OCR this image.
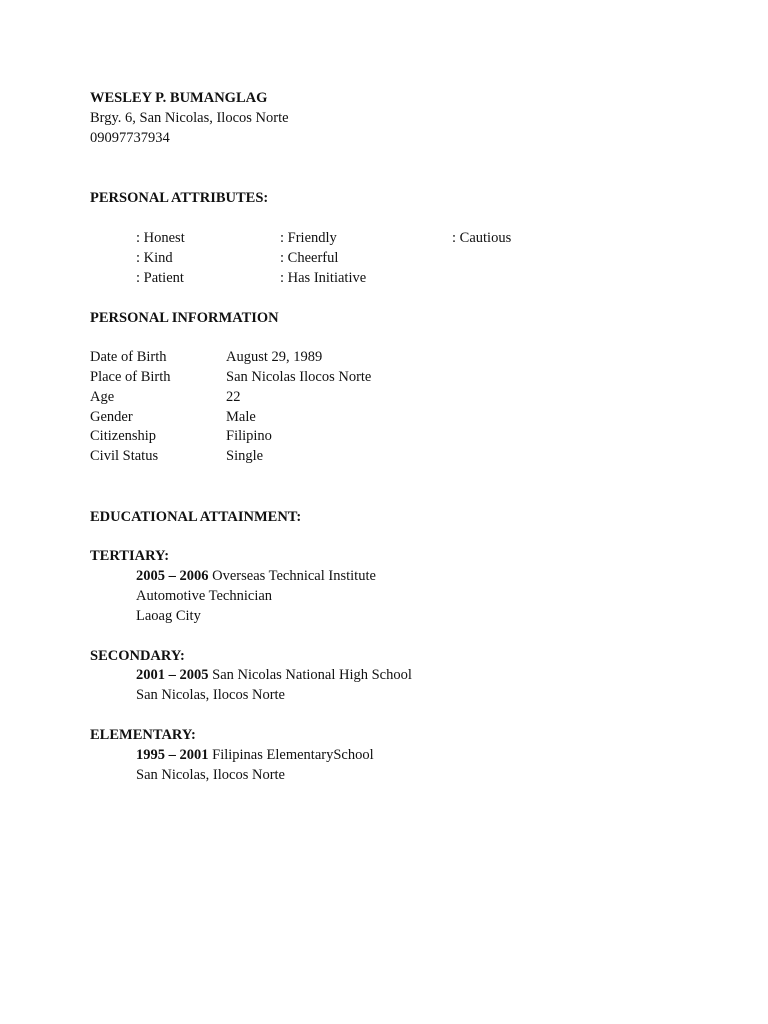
WESLEY P. BUMANGLAG
Brgy. 6, San Nicolas, Ilocos Norte
09097737934
PERSONAL ATTRIBUTES:
: Honest	: Friendly	: Cautious
: Kind	: Cheerful
: Patient	: Has Initiative
PERSONAL INFORMATION
Date of Birth	August 29, 1989
Place of Birth	San Nicolas Ilocos Norte
Age	22
Gender	Male
Citizenship	Filipino
Civil Status	Single
EDUCATIONAL ATTAINMENT:
TERTIARY:
2005 – 2006 Overseas Technical Institute
Automotive Technician
Laoag City
SECONDARY:
2001 – 2005 San Nicolas National High School
San Nicolas, Ilocos Norte
ELEMENTARY:
1995 – 2001 Filipinas ElementarySchool
San Nicolas, Ilocos Norte
